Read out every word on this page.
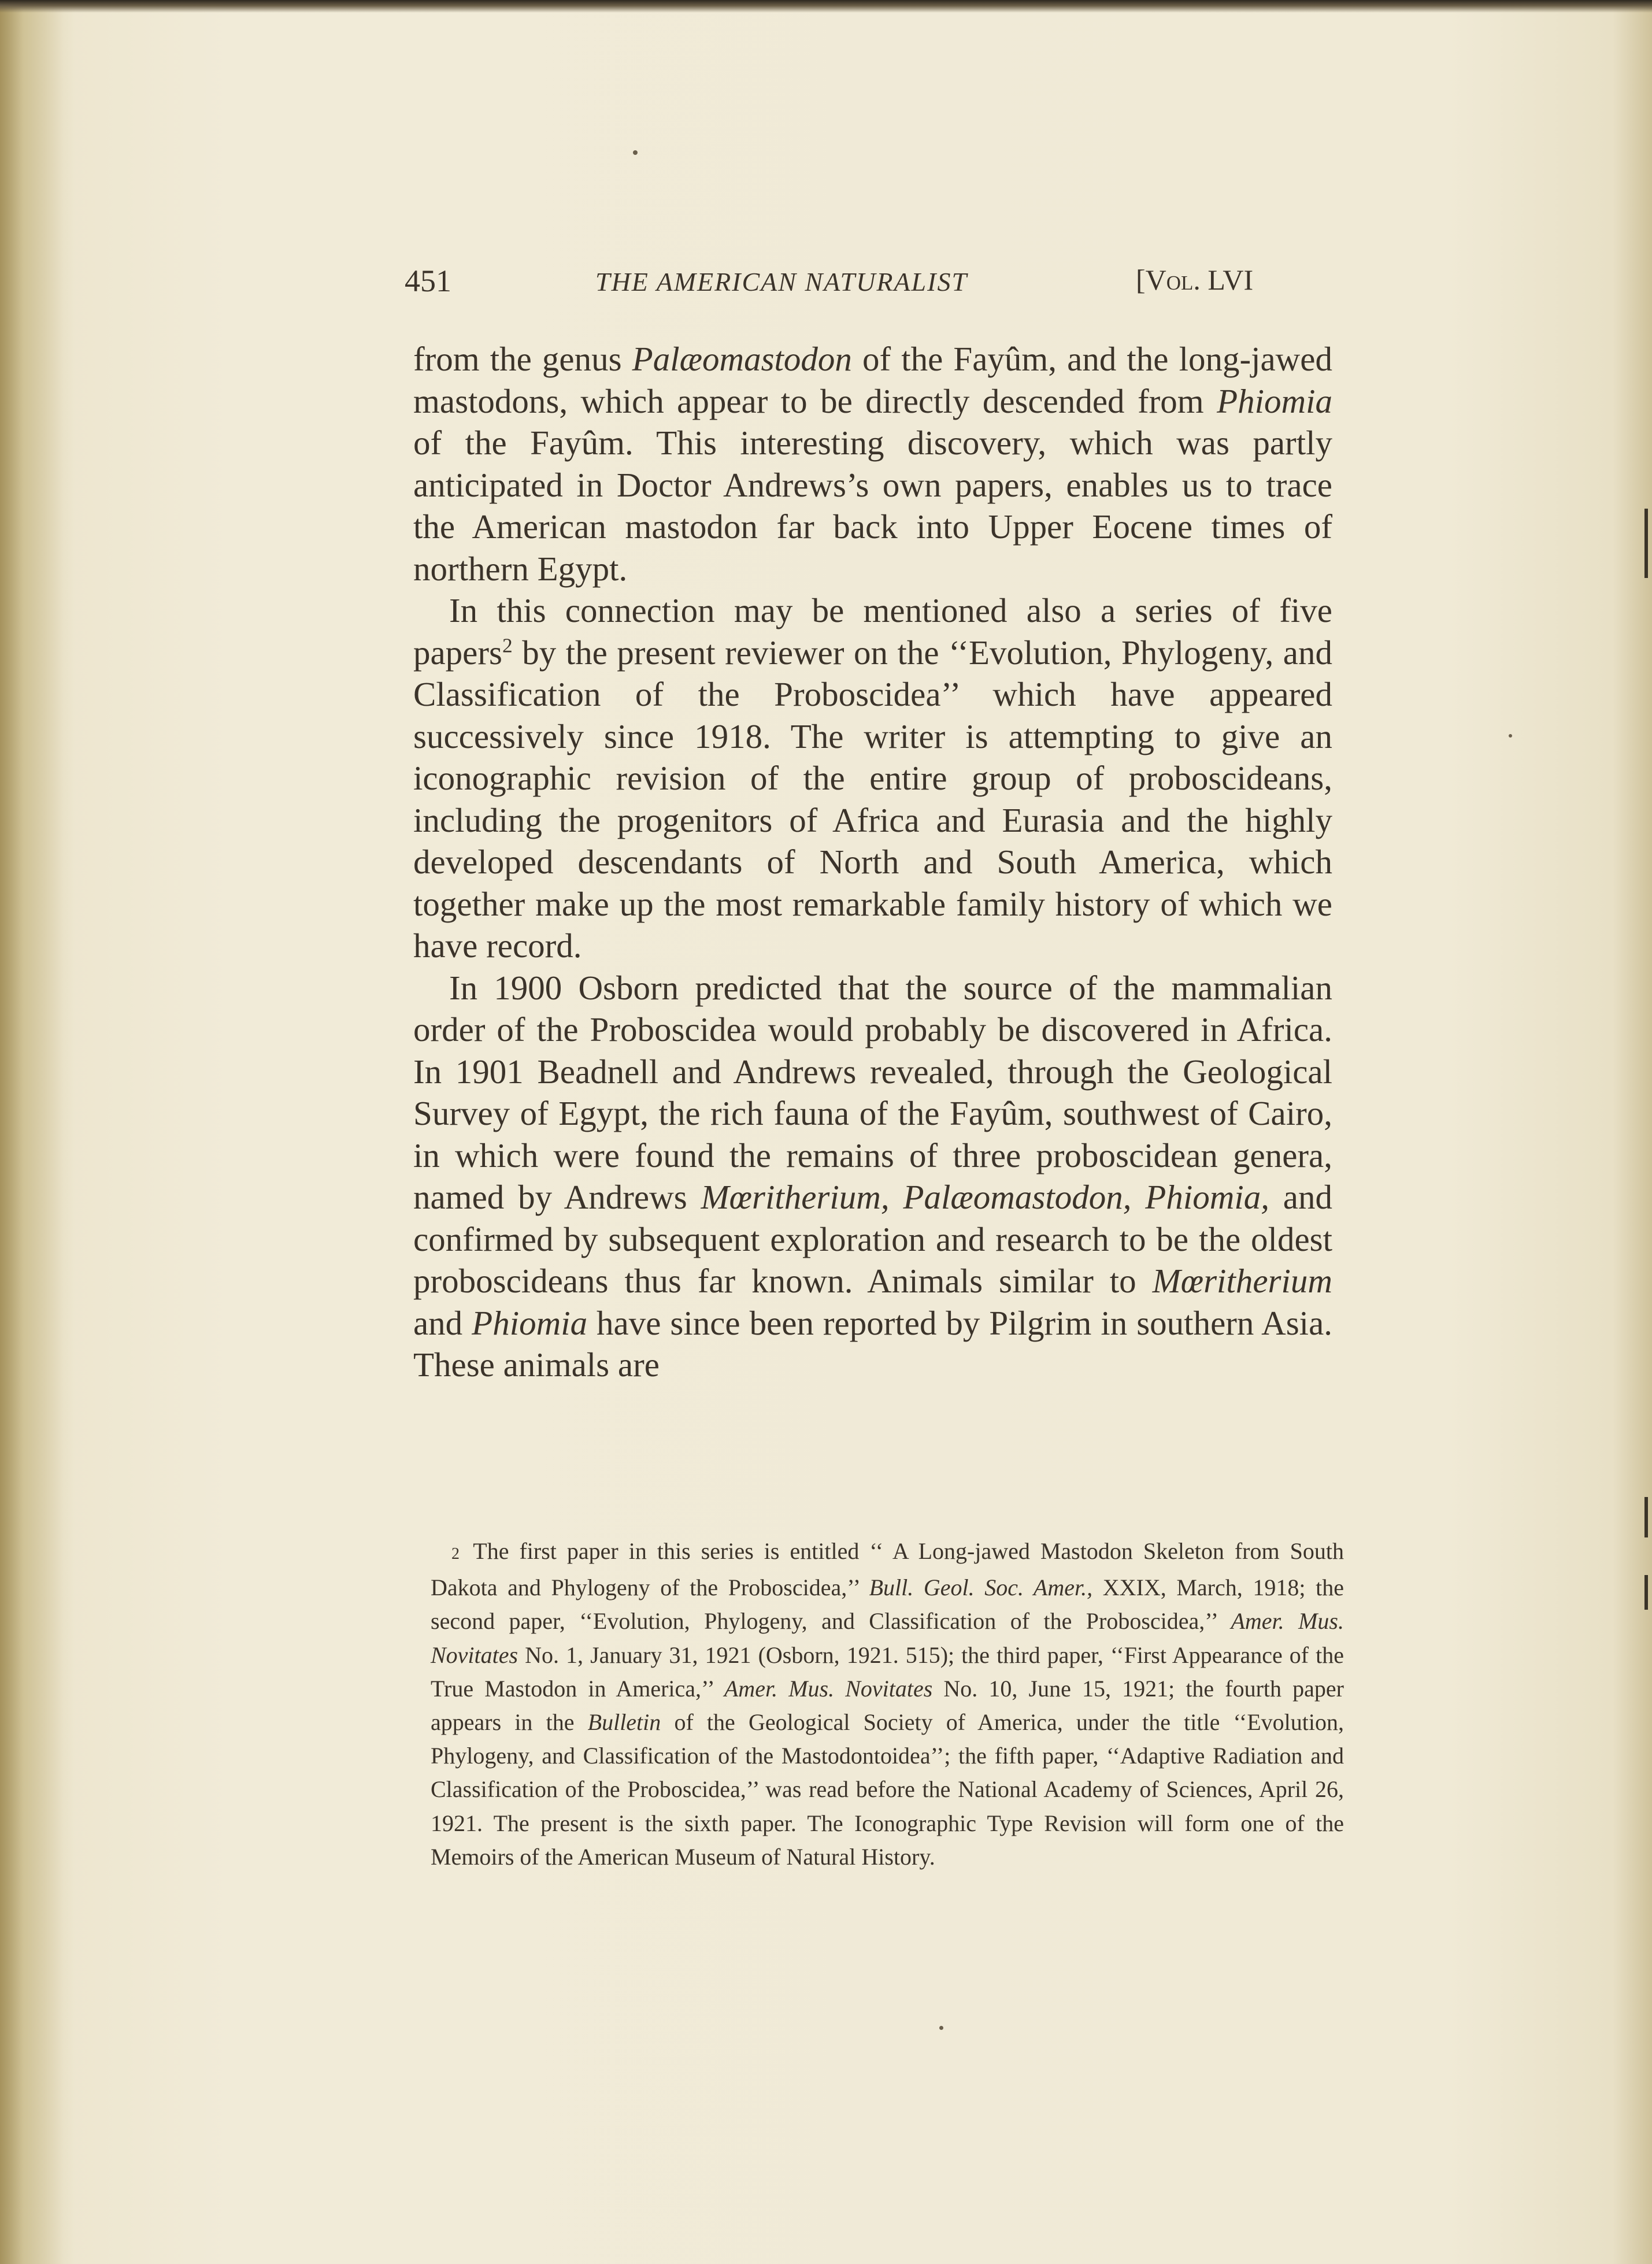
451	THE AMERICAN NATURALIST	[Vol. LVI

from the genus Palæomastodon of the Fayûm, and the long-jawed mastodons, which appear to be directly descended from Phiomia of the Fayûm. This interesting discovery, which was partly anticipated in Doctor Andrews’s own papers, enables us to trace the American mastodon far back into Upper Eocene times of northern Egypt.

In this connection may be mentioned also a series of five papers$^2$ by the present reviewer on the ‘‘Evolution, Phylogeny, and Classification of the Proboscidea’’ which have appeared successively since 1918. The writer is attempting to give an iconographic revision of the entire group of proboscideans, including the progenitors of Africa and Eurasia and the highly developed descendants of North and South America, which together make up the most remarkable family history of which we have record.

In 1900 Osborn predicted that the source of the mammalian order of the Proboscidea would probably be discovered in Africa. In 1901 Beadnell and Andrews revealed, through the Geological Survey of Egypt, the rich fauna of the Fayûm, southwest of Cairo, in which were found the remains of three proboscidean genera, named by Andrews Mœritherium, Palæomastodon, Phiomia, and confirmed by subsequent exploration and research to be the oldest proboscideans thus far known. Animals similar to Mœritherium and Phiomia have since been reported by Pilgrim in southern Asia. These animals are

2 The first paper in this series is entitled ‘‘ A Long-jawed Mastodon Skeleton from South Dakota and Phylogeny of the Proboscidea,’’ Bull. Geol. Soc. Amer., XXIX, March, 1918; the second paper, ‘‘Evolution, Phylogeny, and Classification of the Proboscidea,’’ Amer. Mus. Novitates No. 1, January 31, 1921 (Osborn, 1921. 515); the third paper, ‘‘First Appearance of the True Mastodon in America,’’ Amer. Mus. Novitates No. 10, June 15, 1921; the fourth paper appears in the Bulletin of the Geological Society of America, under the title ‘‘Evolution, Phylogeny, and Classification of the Mastodontoidea’’; the fifth paper, ‘‘Adaptive Radiation and Classification of the Proboscidea,’’ was read before the National Academy of Sciences, April 26, 1921. The present is the sixth paper. The Iconographic Type Revision will form one of the Memoirs of the American Museum of Natural History.
